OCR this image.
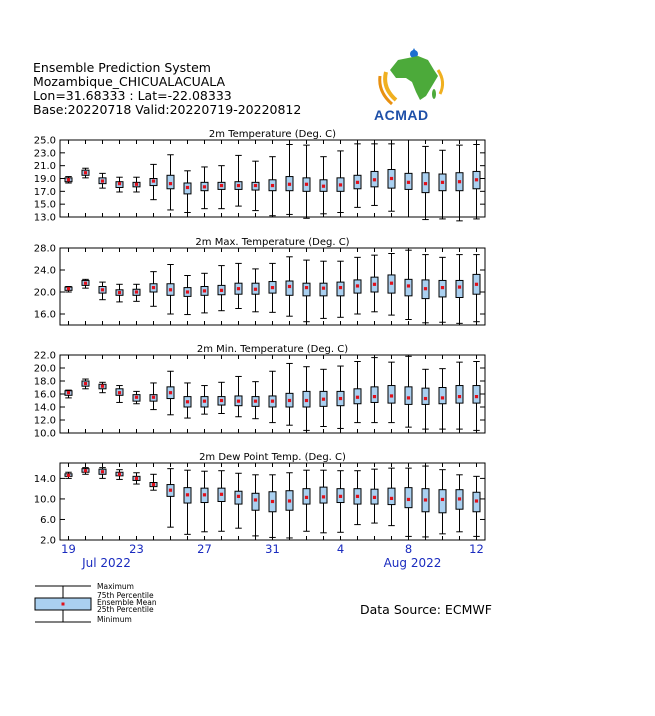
Ensemble Prediction System
Mozambique_CHICUALACUALA
Lon=31.68333 : Lat=-22.08333
Base:20220718 Valid:20220719-20220812	ACMAD
2m Temperature (Deg. C)
25.0
23.0
21.0
19.0
17.0
15.0
13.0
2m Max. Temperature (Deg. C)
28.0
24.0
20.0
16.0
2m Min. Temperature (Deg. C)
22.0
20.0
18.0
16.0
14.0
12.0
10.0
2m Dew Point Temp. (Deg. C)
14.0
10.0
6.0
2.0
19	23	27	31	4	8	12
Jul 2022	Aug 2022
Maximum
75th Percentile
Ensemble Mean
25th Percentile
Minimum
Data Source: ECMWF
